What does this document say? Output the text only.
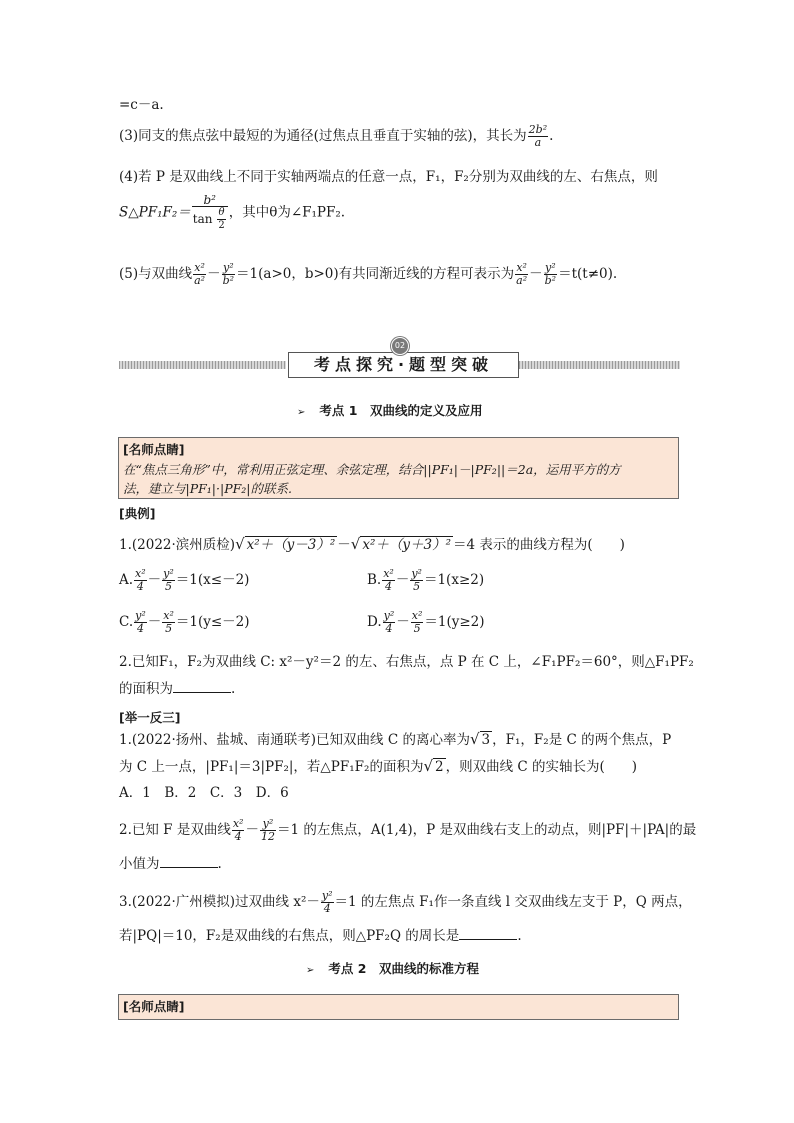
=c－a.
(3)同支的焦点弦中最短的为通径(过焦点且垂直于实轴的弦)，其长为 $\frac{\text{2b²}}{a}$ .
(4)若 P 是双曲线上不同于实轴两端点的任意一点，F₁，F₂分别为双曲线的左、右焦点，则
S△PF₁F₂＝ $\frac{\text{b²}}{\tan \frac{\theta}{2}}$ ，其中θ为∠F₁PF₂.
(5)与双曲线 $\frac{\text{x²}}{\text{a²}} - \frac{\text{y²}}{\text{b²}} =1(a>0$，b>0)有共同渐近线的方程可表示为 $\frac{\text{x²}}{\text{a²}} - \frac{\text{y²}}{\text{b²}} =t(t\ne 0)$.
考点探究·题型突破
02
➢ 考点 1　双曲线的定义及应用
[名师点睛]
在“焦点三角形”中，常利用正弦定理、余弦定理，结合||PF₁|－|PF₂||＝2a，运用平方的方
法，建立与|PF₁|·|PF₂|的联系.
[典例]
1.(2022·滨州质检)√ x²＋（y－3）² －√ x²＋（y＋3）² ＝4 表示的曲线方程为(　　)
A. $\frac{\text{x²}}{4} - \frac{\text{y²}}{5} =1(x\le-2)$	B. $\frac{\text{x²}}{4} - \frac{\text{y²}}{5} =1(x\ge 2)$
C. $\frac{\text{y²}}{4} - \frac{\text{x²}}{5} =1(y\le-2)$	D. $\frac{\text{y²}}{4} - \frac{\text{x²}}{5} =1(y\ge 2)$
2.已知F₁，F₂为双曲线 C: x²－y²＝2 的左、右焦点，点 P 在 C 上，∠F₁PF₂＝60°，则△F₁PF₂
的面积为	.
[举一反三]
1.(2022·扬州、盐城、南通联考)已知双曲线 C 的离心率为√ 3 ，F₁，F₂是 C 的两个焦点，P
为 C 上一点，|PF₁|＝3|PF₂|，若△PF₁F₂的面积为√ 2 ，则双曲线 C 的实轴长为(　　)
A．1　B．2　C．3　D．6
2.已知 F 是双曲线 $\frac{\text{x²}}{4} - \frac{\text{y²}}{12} =1$ 的左焦点，A(1,4)，P 是双曲线右支上的动点，则|PF|＋|PA|的最
小值为	.
3.(2022·广州模拟)过双曲线 $x^2- \frac{\text{y²}}{4} =1$ 的左焦点 F₁作一条直线 l 交双曲线左支于 P，Q 两点，
若|PQ|＝10，F₂是双曲线的右焦点，则△PF₂Q 的周长是	.
➢ 考点 2　双曲线的标准方程
[名师点睛]
